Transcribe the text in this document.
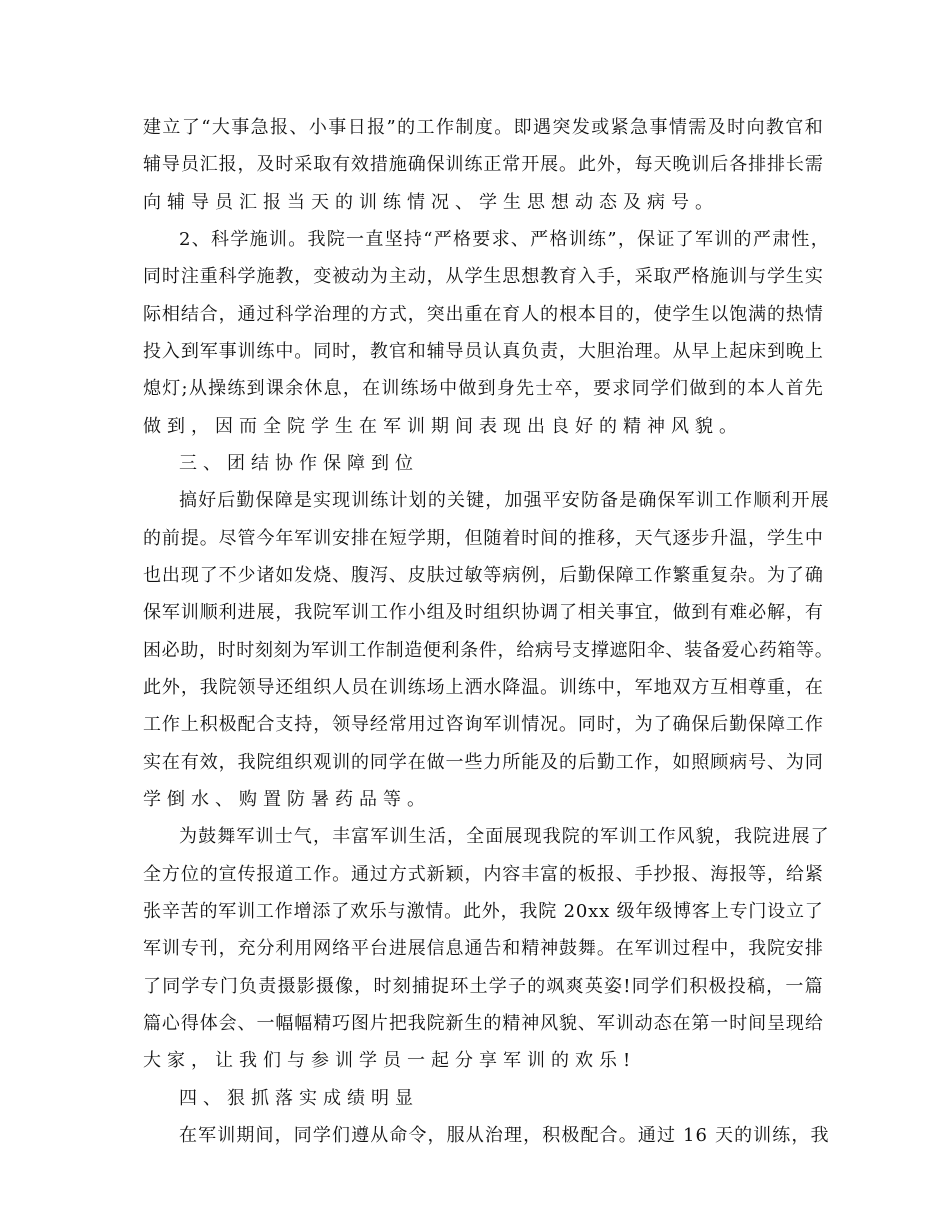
建立了“大事急报、小事日报”的工作制度。即遇突发或紧急事情需及时向教官和
辅导员汇报，及时采取有效措施确保训练正常开展。此外，每天晚训后各排排长需
向辅导员汇报当天的训练情况、学生思想动态及病号。
2、科学施训。我院一直坚持“严格要求、严格训练”，保证了军训的严肃性，
同时注重科学施教，变被动为主动，从学生思想教育入手，采取严格施训与学生实
际相结合，通过科学治理的方式，突出重在育人的根本目的，使学生以饱满的热情
投入到军事训练中。同时，教官和辅导员认真负责，大胆治理。从早上起床到晚上
熄灯;从操练到课余休息，在训练场中做到身先士卒，要求同学们做到的本人首先
做到，因而全院学生在军训期间表现出良好的精神风貌。
三、团结协作保障到位
搞好后勤保障是实现训练计划的关键，加强平安防备是确保军训工作顺利开展
的前提。尽管今年军训安排在短学期，但随着时间的推移，天气逐步升温，学生中
也出现了不少诸如发烧、腹泻、皮肤过敏等病例，后勤保障工作繁重复杂。为了确
保军训顺利进展，我院军训工作小组及时组织协调了相关事宜，做到有难必解，有
困必助，时时刻刻为军训工作制造便利条件，给病号支撑遮阳伞、装备爱心药箱等。
此外，我院领导还组织人员在训练场上洒水降温。训练中，军地双方互相尊重，在
工作上积极配合支持，领导经常用过咨询军训情况。同时，为了确保后勤保障工作
实在有效，我院组织观训的同学在做一些力所能及的后勤工作，如照顾病号、为同
学倒水、购置防暑药品等。
为鼓舞军训士气，丰富军训生活，全面展现我院的军训工作风貌，我院进展了
全方位的宣传报道工作。通过方式新颖，内容丰富的板报、手抄报、海报等，给紧
张辛苦的军训工作增添了欢乐与激情。此外，我院 20xx 级年级博客上专门设立了
军训专刊，充分利用网络平台进展信息通告和精神鼓舞。在军训过程中，我院安排
了同学专门负责摄影摄像，时刻捕捉环土学子的飒爽英姿!同学们积极投稿，一篇
篇心得体会、一幅幅精巧图片把我院新生的精神风貌、军训动态在第一时间呈现给
大家，让我们与参训学员一起分享军训的欢乐!
四、狠抓落实成绩明显
在军训期间，同学们遵从命令，服从治理，积极配合。通过 16 天的训练，我
